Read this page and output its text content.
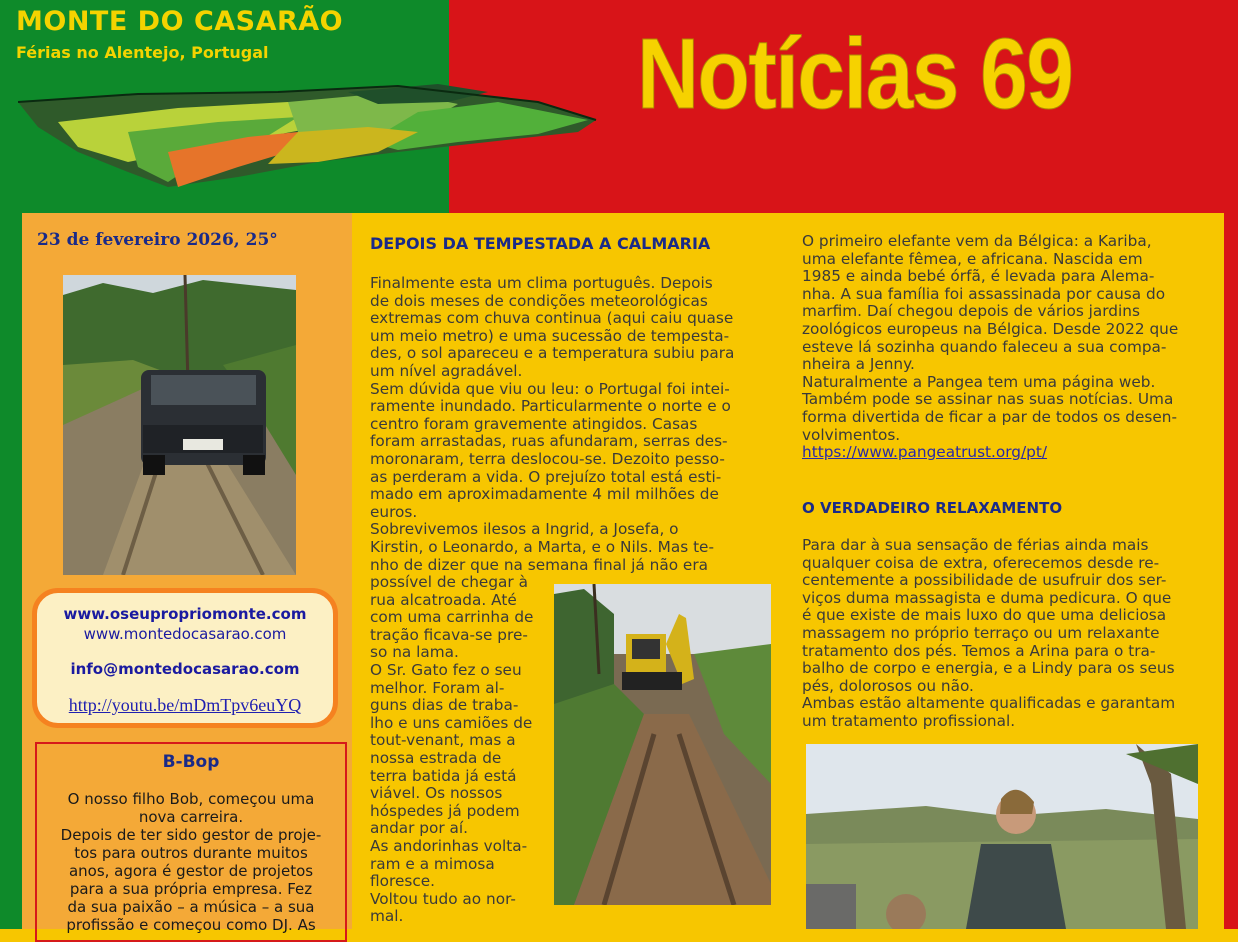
MONTE DO CASARÃO
Férias no Alentejo, Portugal	Notícias 69
23 de fevereiro 2026, 25°
www.oseupropriomonte.com
www.montedocasarao.com
info@montedocasarao.com
http://youtu.be/mDmTpv6euYQ
B-Bop
O nosso filho Bob, começou uma
nova carreira.
Depois de ter sido gestor de proje-
tos para outros durante muitos
anos, agora é gestor de projetos
para a sua própria empresa. Fez
da sua paixão – a música – a sua
profissão e começou como DJ. As
DEPOIS DA TEMPESTADA A CALMARIA
Finalmente esta um clima português. Depois
de dois meses de condições meteorológicas
extremas com chuva continua (aqui caiu quase
um meio metro) e uma sucessão de tempesta-
des, o sol apareceu e a temperatura subiu para
um nível agradável.
Sem dúvida que viu ou leu: o Portugal foi intei-
ramente inundado. Particularmente o norte e o
centro foram gravemente atingidos. Casas
foram arrastadas, ruas afundaram, serras des-
moronaram, terra deslocou-se. Dezoito pesso-
as perderam a vida. O prejuízo total está esti-
mado em aproximadamente 4 mil milhões de
euros.
Sobrevivemos ilesos a Ingrid, a Josefa, o
Kirstin, o Leonardo, a Marta, e o Nils. Mas te-
nho de dizer que na semana final já não era
possível de chegar à
rua alcatroada. Até
com uma carrinha de
tração ficava-se pre-
so na lama.
O Sr. Gato fez o seu
melhor. Foram al-
guns dias de traba-
lho e uns camiões de
tout-venant, mas a
nossa estrada de
terra batida já está
viável. Os nossos
hóspedes já podem
andar por aí.
As andorinhas volta-
ram e a mimosa
floresce.
Voltou tudo ao nor-
mal.
O primeiro elefante vem da Bélgica: a Kariba,
uma elefante fêmea, e africana. Nascida em
1985 e ainda bebé órfã, é levada para Alema-
nha. A sua família foi assassinada por causa do
marfim. Daí chegou depois de vários jardins
zoológicos europeus na Bélgica. Desde 2022 que
esteve lá sozinha quando faleceu a sua compa-
nheira a Jenny.
Naturalmente a Pangea tem uma página web.
Também pode se assinar nas suas notícias. Uma
forma divertida de ficar a par de todos os desen-
volvimentos.
https://www.pangeatrust.org/pt/
O VERDADEIRO RELAXAMENTO
Para dar à sua sensação de férias ainda mais
qualquer coisa de extra, oferecemos desde re-
centemente a possibilidade de usufruir dos ser-
viços duma massagista e duma pedicura. O que
é que existe de mais luxo do que uma deliciosa
massagem no próprio terraço ou um relaxante
tratamento dos pés. Temos a Arina para o tra-
balho de corpo e energia, e a Lindy para os seus
pés, dolorosos ou não.
Ambas estão altamente qualificadas e garantam
um tratamento profissional.
